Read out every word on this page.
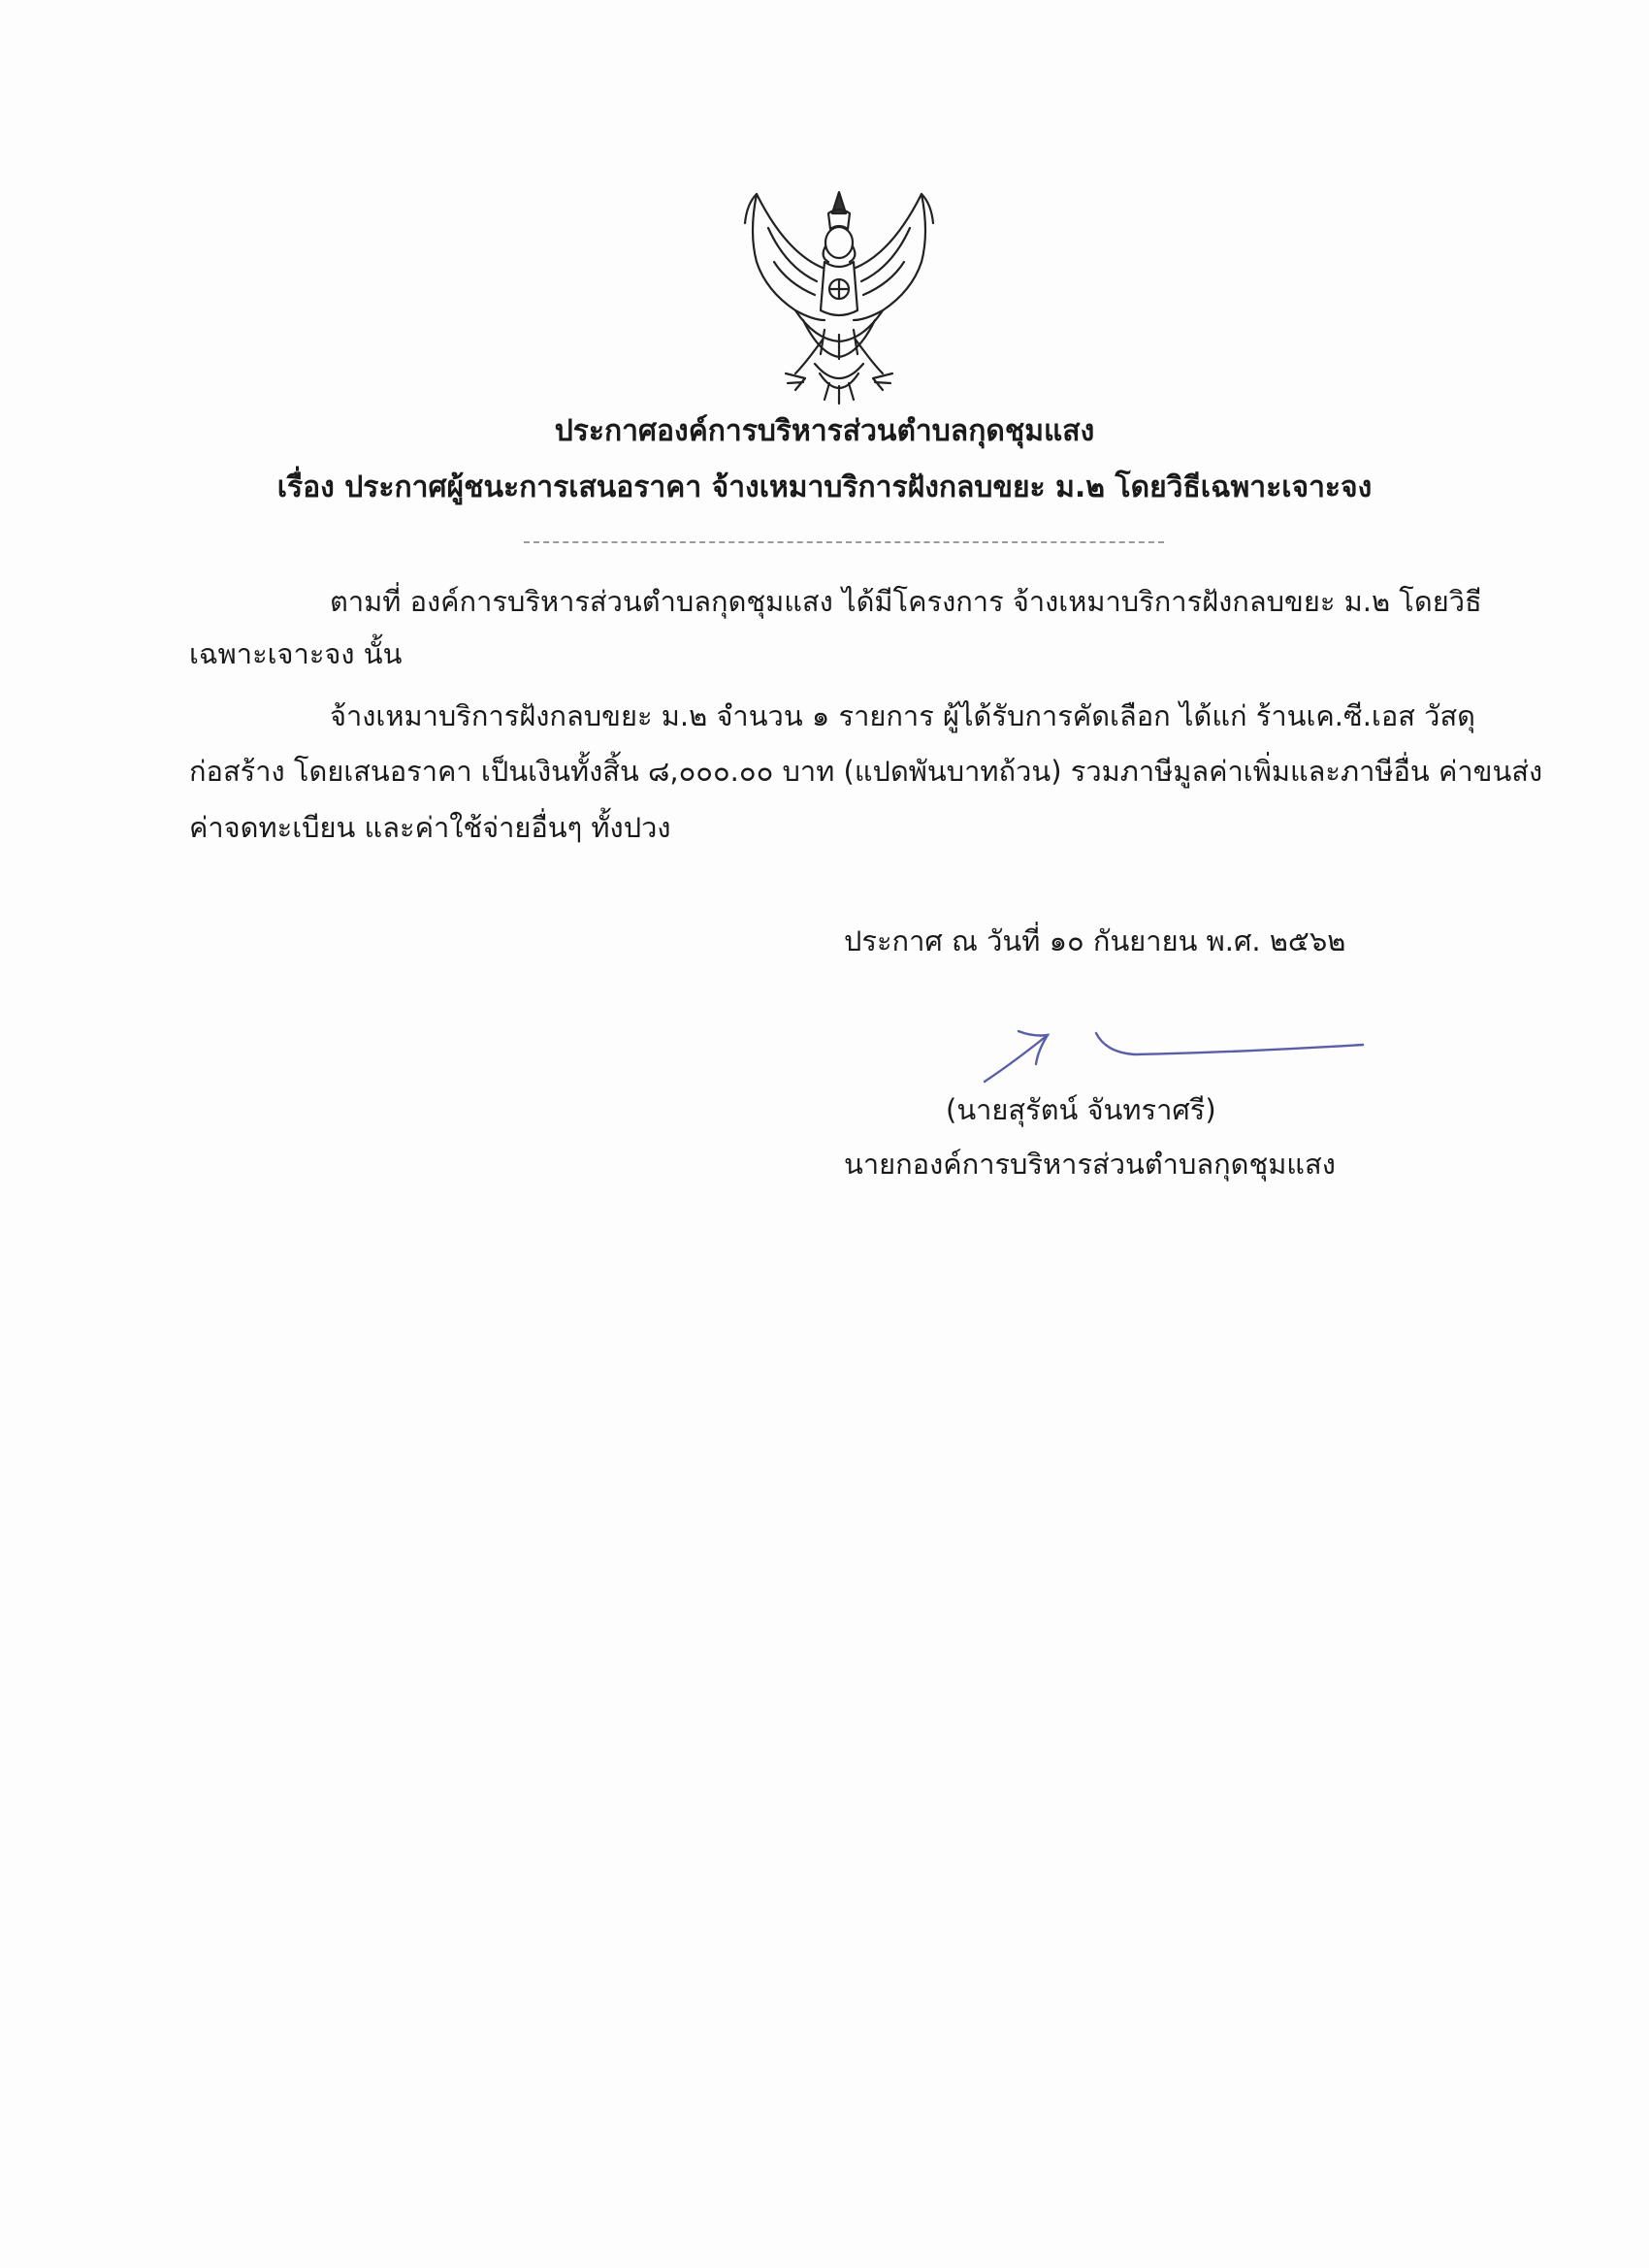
ประกาศองค์การบริหารส่วนตำบลกุดชุมแสง
เรื่อง ประกาศผู้ชนะการเสนอราคา จ้างเหมาบริการฝังกลบขยะ ม.๒ โดยวิธีเฉพาะเจาะจง
ตามที่ องค์การบริหารส่วนตำบลกุดชุมแสง ได้มีโครงการ จ้างเหมาบริการฝังกลบขยะ ม.๒ โดยวิธี
เฉพาะเจาะจง นั้น
จ้างเหมาบริการฝังกลบขยะ ม.๒ จำนวน ๑ รายการ ผู้ได้รับการคัดเลือก ได้แก่ ร้านเค.ซี.เอส วัสดุ
ก่อสร้าง โดยเสนอราคา เป็นเงินทั้งสิ้น ๘,๐๐๐.๐๐ บาท (แปดพันบาทถ้วน) รวมภาษีมูลค่าเพิ่มและภาษีอื่น ค่าขนส่ง
ค่าจดทะเบียน และค่าใช้จ่ายอื่นๆ ทั้งปวง
ประกาศ ณ วันที่ ๑๐ กันยายน พ.ศ. ๒๕๖๒
(นายสุรัตน์ จันทราศรี)
นายกองค์การบริหารส่วนตำบลกุดชุมแสง
